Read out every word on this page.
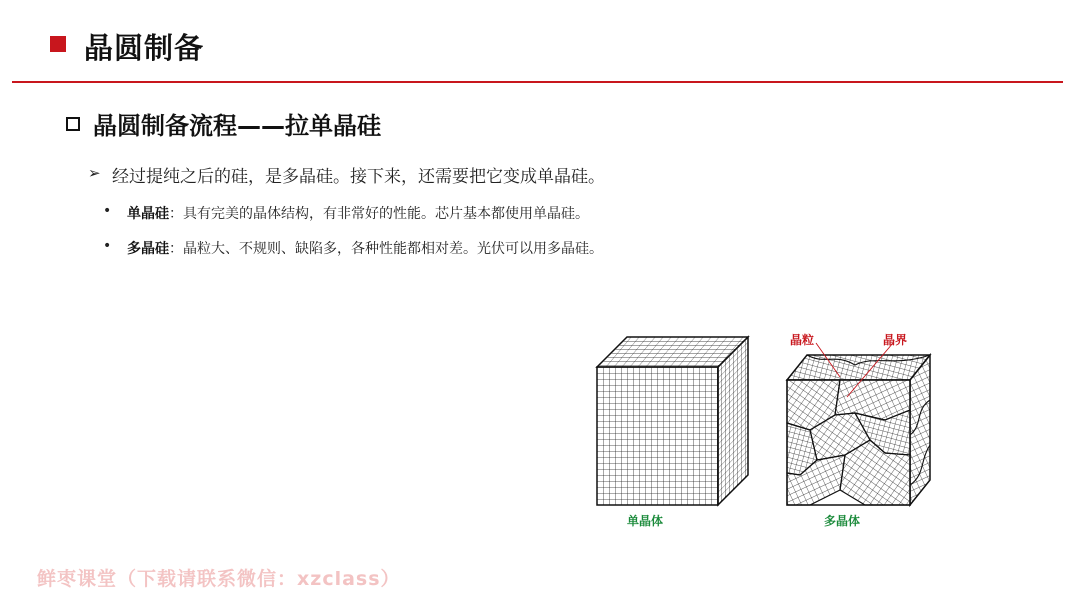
晶圆制备
晶圆制备流程——拉单晶硅
➢ 经过提纯之后的硅，是多晶硅。接下来，还需要把它变成单晶硅。
• 单晶硅：具有完美的晶体结构，有非常好的性能。芯片基本都使用单晶硅。
• 多晶硅：晶粒大、不规则、缺陷多，各种性能都相对差。光伏可以用多晶硅。
晶粒	晶界
单晶体	多晶体
鲜枣课堂（下载请联系微信：xzclass）
